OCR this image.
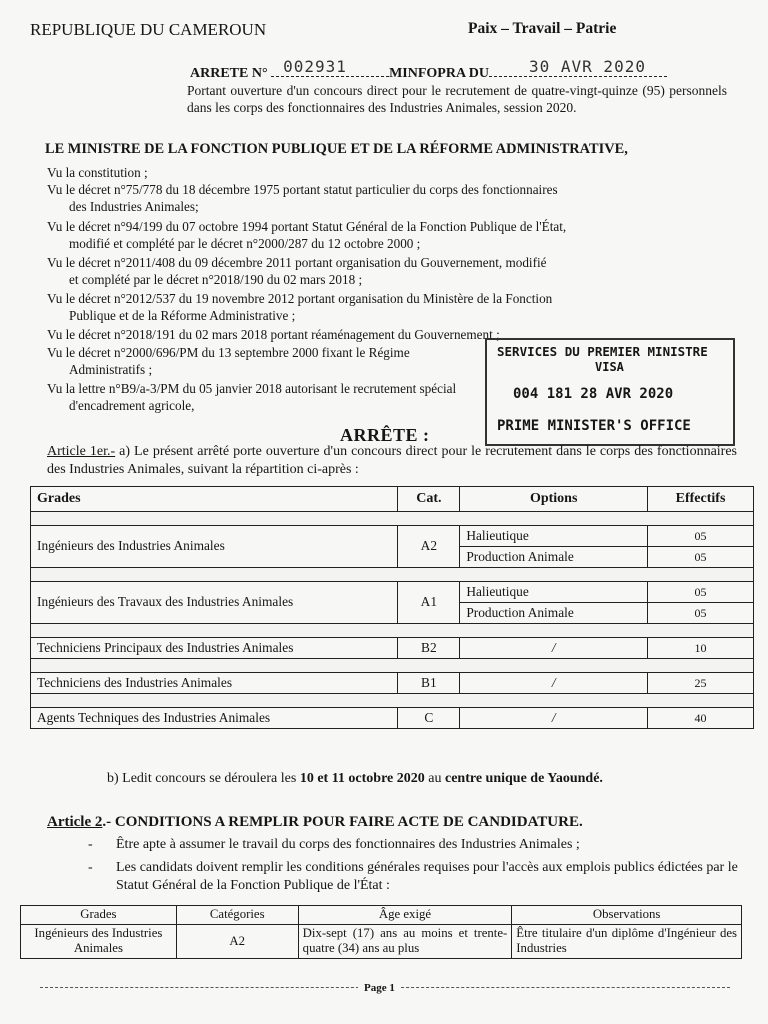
REPUBLIQUE DU CAMEROUN	Paix – Travail – Patrie
ARRETE N° 002931	MINFOPRA DU	30 AVR 2020
Portant ouverture d'un concours direct pour le recrutement de quatre-vingt-quinze (95) personnels dans les corps des fonctionnaires des Industries Animales, session 2020.
LE MINISTRE DE LA FONCTION PUBLIQUE ET DE LA RÉFORME ADMINISTRATIVE,
Vu la constitution ;
Vu le décret n°75/778 du 18 décembre 1975 portant statut particulier du corps des fonctionnaires
des Industries Animales;
Vu le décret n°94/199 du 07 octobre 1994 portant Statut Général de la Fonction Publique de l'État,
modifié et complété par le décret n°2000/287 du 12 octobre 2000 ;
Vu le décret n°2011/408 du 09 décembre 2011 portant organisation du Gouvernement, modifié
et complété par le décret n°2018/190 du 02 mars 2018 ;
Vu le décret n°2012/537 du 19 novembre 2012 portant organisation du Ministère de la Fonction
Publique et de la Réforme Administrative ;
Vu le décret n°2018/191 du 02 mars 2018 portant réaménagement du Gouvernement ;
Vu le décret n°2000/696/PM du 13 septembre 2000 fixant le Régime
Administratifs ;
Vu la lettre n°B9/a-3/PM du 05 janvier 2018 autorisant le recrutement spécial
d'encadrement agricole,
SERVICES DU PREMIER MINISTRE
VISA
004 181 28 AVR 2020
PRIME MINISTER'S OFFICE
ARRÊTE :
Article 1er.- a) Le présent arrêté porte ouverture d'un concours direct pour le recrutement dans le corps des fonctionnaires des Industries Animales, suivant la répartition ci-après :
Grades	Cat.	Options	Effectifs

Ingénieurs des Industries Animales	A2	Halieutique	05
		Production Animale	05

Ingénieurs des Travaux des Industries Animales	A1	Halieutique	05
		Production Animale	05

Techniciens Principaux des Industries Animales	B2	/	10

Techniciens des Industries Animales	B1	/	25

Agents Techniques des Industries Animales	C	/	40
b) Ledit concours se déroulera les 10 et 11 octobre 2020 au centre unique de Yaoundé.
Article 2.- CONDITIONS A REMPLIR POUR FAIRE ACTE DE CANDIDATURE.
-	Être apte à assumer le travail du corps des fonctionnaires des Industries Animales ;
-	Les candidats doivent remplir les conditions générales requises pour l'accès aux emplois publics édictées par le Statut Général de la Fonction Publique de l'État :
Grades	Catégories	Âge exigé	Observations
Ingénieurs des Industries Animales	A2	Dix-sept (17) ans au moins et trente-quatre (34) ans au plus	Être titulaire d'un diplôme d'Ingénieur des Industries
Page 1
